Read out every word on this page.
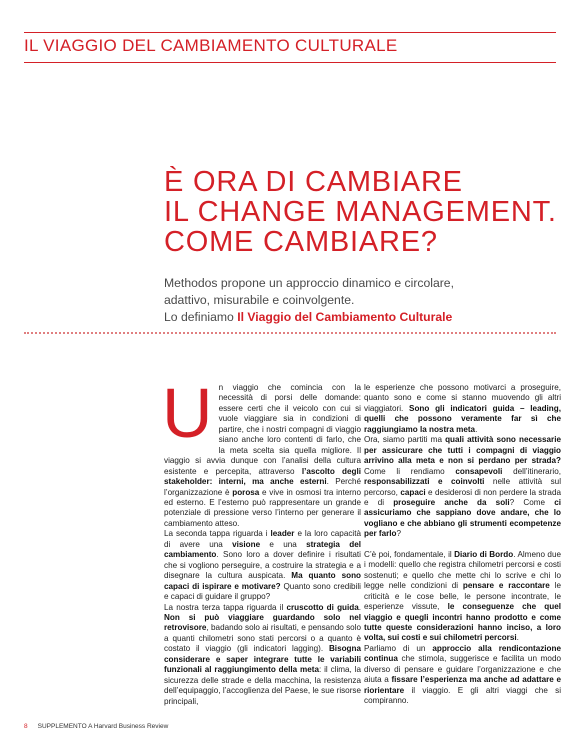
IL VIAGGIO DEL CAMBIAMENTO CULTURALE
È ORA DI CAMBIARE
IL CHANGE MANAGEMENT.
COME CAMBIARE?
Methodos propone un approccio dinamico e circolare,
adattivo, misurabile e coinvolgente.
Lo definiamo Il Viaggio del Cambiamento Culturale

Un viaggio che comincia con la necessità di porsi delle domande: essere certi che il veicolo con cui si vuole viaggiare sia in condizioni di partire, che i nostri compagni di viaggio siano anche loro contenti di farlo, che la meta scelta sia quella migliore. Il viaggio si avvia dunque con l’analisi della cultura esistente e percepita, attraverso l’ascolto degli stakeholder: interni, ma anche esterni. Perché l’organizzazione è porosa e vive in osmosi tra interno ed esterno. E l’esterno può rappresentare un grande potenziale di pressione verso l’interno per generare il cambiamento atteso.

La seconda tappa riguarda i leader e la loro capacità di avere una visione e una strategia del cambiamento. Sono loro a dover definire i risultati che si vogliono perseguire, a costruire la strategia e a disegnare la cultura auspicata. Ma quanto sono capaci di ispirare e motivare? Quanto sono credibili e capaci di guidare il gruppo?

La nostra terza tappa riguarda il cruscotto di guida. Non si può viaggiare guardando solo nel retrovisore, badando solo ai risultati, e pensando solo a quanti chilometri sono stati percorsi o a quanto è costato il viaggio (gli indicatori lagging). Bisogna considerare e saper integrare tutte le variabili funzionali al raggiungimento della meta: il clima, la sicurezza delle strade e della macchina, la resistenza dell’equipaggio, l’accoglienza del Paese, le sue risorse principali,

le esperienze che possono motivarci a proseguire, quanto sono e come si stanno muovendo gli altri viaggiatori. Sono gli indicatori guida – leading, quelli che possono veramente far sì che raggiungiamo la nostra meta.

Ora, siamo partiti ma quali attività sono necessarie per assicurare che tutti i compagni di viaggio arrivino alla meta e non si perdano per strada? Come li rendiamo consapevoli dell’itinerario, responsabilizzati e coinvolti nelle attività sul percorso, capaci e desiderosi di non perdere la strada e di proseguire anche da soli? Come ci assicuriamo che sappiano dove andare, che lo vogliano e che abbiano gli strumenti ecompetenze per farlo?

C’è poi, fondamentale, il Diario di Bordo. Almeno due i modelli: quello che registra chilometri percorsi e costi sostenuti; e quello che mette chi lo scrive e chi lo legge nelle condizioni di pensare e raccontare le criticità e le cose belle, le persone incontrate, le esperienze vissute, le conseguenze che quel viaggio e quegli incontri hanno prodotto e come tutte queste considerazioni hanno inciso, a loro volta, sui costi e sui chilometri percorsi.

Parliamo di un approccio alla rendicontazione continua che stimola, suggerisce e facilita un modo diverso di pensare e guidare l’organizzazione e che aiuta a fissare l’esperienza ma anche ad adattare e riorientare il viaggio. E gli altri viaggi che si compiranno.

8 SUPPLEMENTO A Harvard Business Review
